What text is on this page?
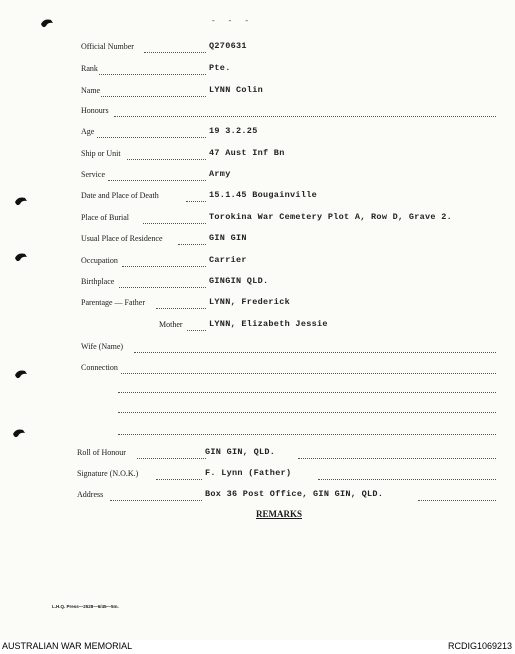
- - -
Official Number	Q270631
Rank	Pte.
Name	LYNN Colin
Honours
Age	19 3.2.25
Ship or Unit	47 Aust Inf Bn
Service	Army
Date and Place of Death	15.1.45 Bougainville
Place of Burial	Torokina War Cemetery Plot A, Row D, Grave 2.
Usual Place of Residence	GIN GIN
Occupation	Carrier
Birthplace	GINGIN QLD.
Parentage — Father	LYNN, Frederick
Mother	LYNN, Elizabeth Jessie
Wife (Name)
Connection
Roll of Honour	GIN GIN, QLD.
Signature (N.O.K.)	F. Lynn (Father)
Address	Box 36 Post Office, GIN GIN, QLD.
REMARKS
L.H.Q. Press—2528—6/45—5m.
AUSTRALIAN WAR MEMORIAL	RCDIG1069213
